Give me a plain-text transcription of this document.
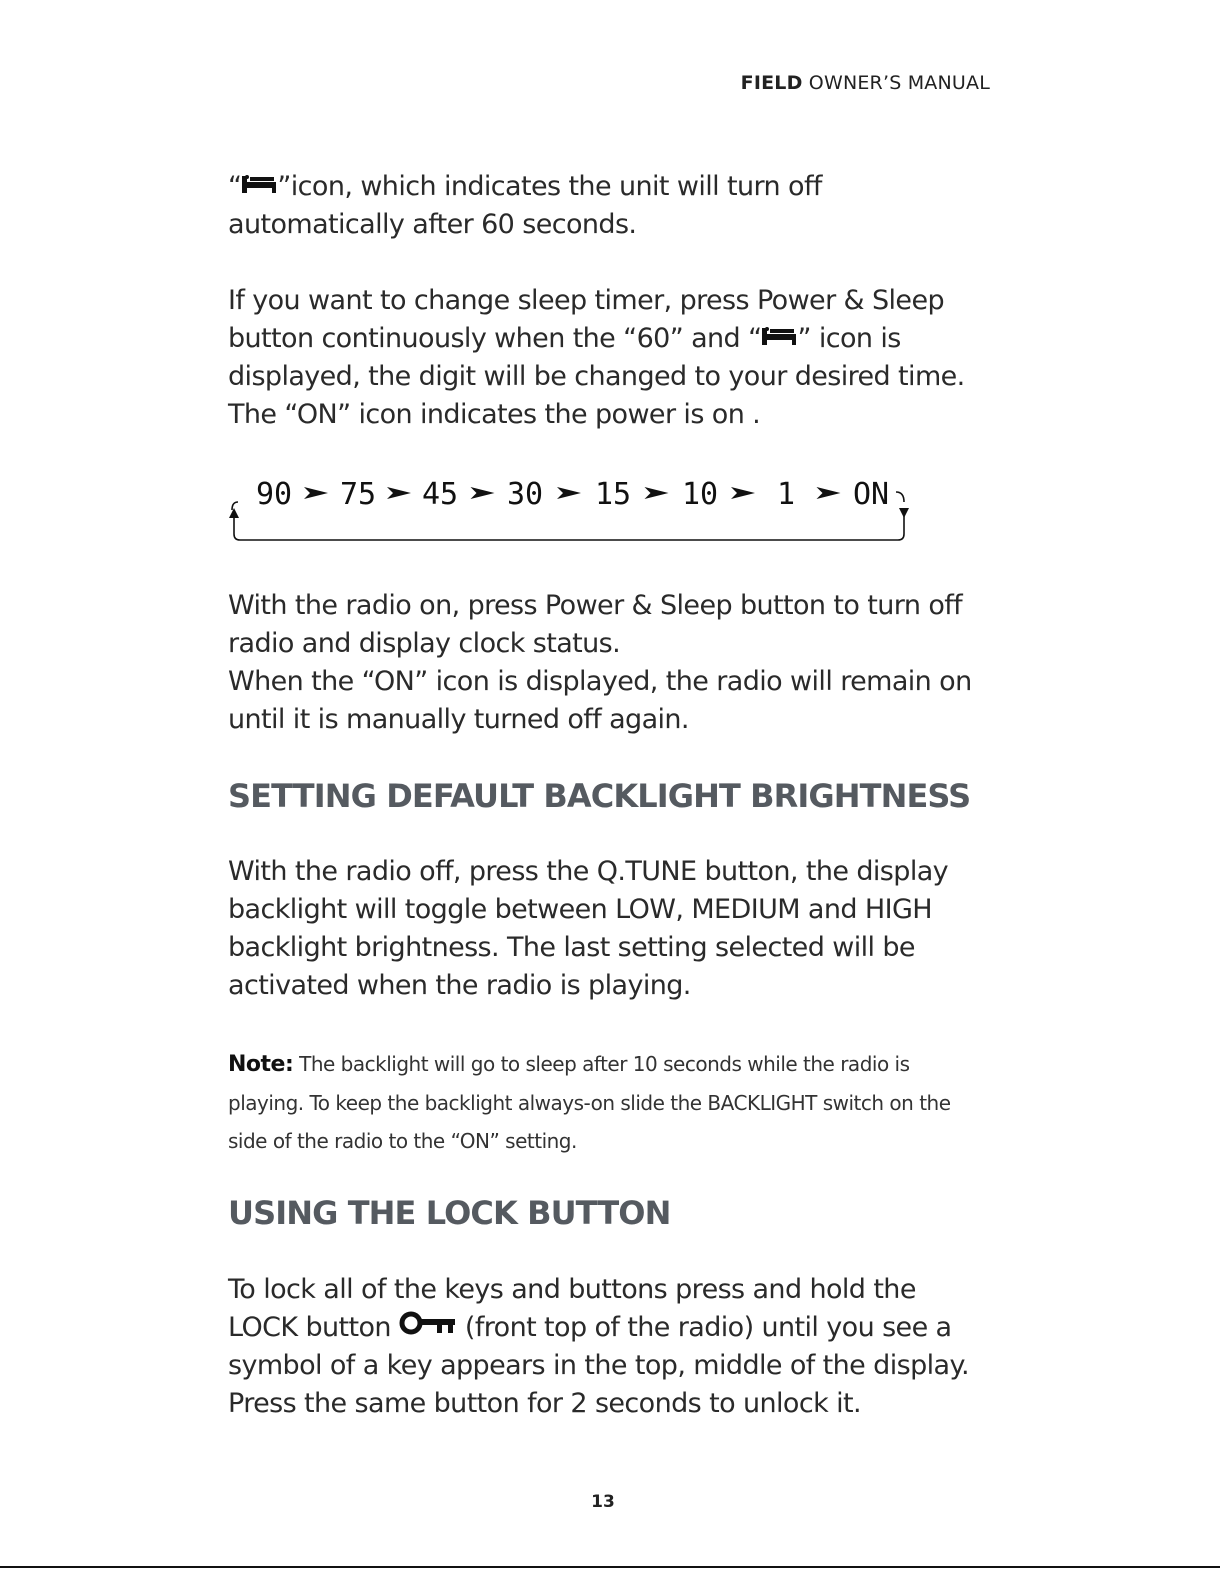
FIELD OWNER’S MANUAL

“ ”icon, which indicates the unit will turn off
automatically after 60 seconds.

If you want to change sleep timer, press Power & Sleep
button continuously when the “60” and “ ” icon is
displayed, the digit will be changed to your desired time.
The “ON” icon indicates the power is on .

90 75 45 30 15 10 1 ON

With the radio on, press Power & Sleep button to turn off
radio and display clock status.
When the “ON” icon is displayed, the radio will remain on
until it is manually turned off again.

SETTING DEFAULT BACKLIGHT BRIGHTNESS

With the radio off, press the Q.TUNE button, the display
backlight will toggle between LOW, MEDIUM and HIGH
backlight brightness. The last setting selected will be
activated when the radio is playing.

Note: The backlight will go to sleep after 10 seconds while the radio is
playing. To keep the backlight always-on slide the BACKLIGHT switch on the
side of the radio to the “ON” setting.

USING THE LOCK BUTTON

To lock all of the keys and buttons press and hold the
LOCK button  (front top of the radio) until you see a
symbol of a key appears in the top, middle of the display.
Press the same button for 2 seconds to unlock it.

13
